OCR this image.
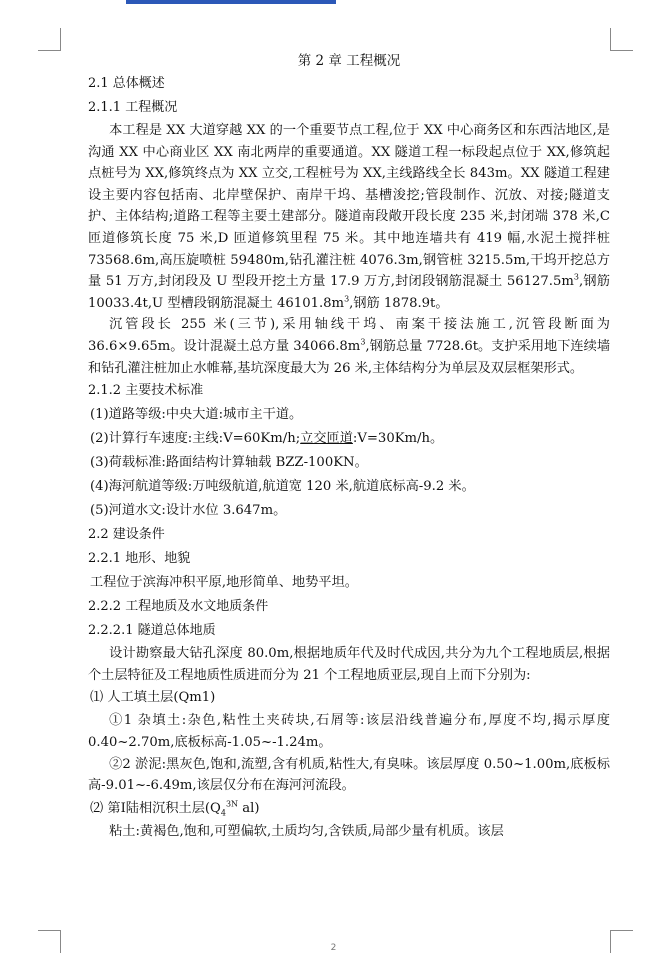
第 2 章 工程概况

2.1 总体概述

2.1.1 工程概况

本工程是 XX 大道穿越 XX 的一个重要节点工程,位于 XX 中心商务区和东西沽地区,是沟通 XX 中心商业区 XX 南北两岸的重要通道。XX 隧道工程一标段起点位于 XX,修筑起点桩号为 XX,修筑终点为 XX 立交,工程桩号为 XX,主线路线全长 843m。XX 隧道工程建设主要内容包括南、北岸壁保护、南岸干坞、基槽浚挖;管段制作、沉放、对接;隧道支护、主体结构;道路工程等主要土建部分。隧道南段敞开段长度 235 米,封闭端 378 米,C 匝道修筑长度 75 米,D 匝道修筑里程 75 米。其中地连墙共有 419 幅,水泥土搅拌桩 73568.6m,高压旋喷桩 59480m,钻孔灌注桩 4076.3m,钢管桩 3215.5m,干坞开挖总方量 51 万方,封闭段及 U 型段开挖土方量 17.9 万方,封闭段钢筋混凝土 $56127.5m^3$,钢筋 10033.4t,U 型槽段钢筋混凝土 $46101.8m^3$,钢筋 1878.9t。

沉管段长 255 米(三节),采用轴线干坞、南案干接法施工,沉管段断面为 36.6×9.65m。设计混凝土总方量 $34066.8m^3$,钢筋总量 7728.6t。支护采用地下连续墙和钻孔灌注桩加止水帷幕,基坑深度最大为 26 米,主体结构分为单层及双层框架形式。

2.1.2 主要技术标准

(1)道路等级:中央大道:城市主干道。

(2)计算行车速度:主线:V=60Km/h;立交匝道:V=30Km/h。

(3)荷载标准:路面结构计算轴载 BZZ-100KN。

(4)海河航道等级:万吨级航道,航道宽 120 米,航道底标高-9.2 米。

(5)河道水文:设计水位 3.647m。

2.2 建设条件

2.2.1 地形、地貌

工程位于滨海冲积平原,地形简单、地势平坦。

2.2.2 工程地质及水文地质条件

2.2.2.1 隧道总体地质

设计勘察最大钻孔深度 80.0m,根据地质年代及时代成因,共分为九个工程地质层,根据个土层特征及工程地质性质进而分为 21 个工程地质亚层,现自上而下分别为:

⑴ 人工填土层(Qm1)

①1 杂填土:杂色,粘性土夹砖块,石屑等:该层沿线普遍分布,厚度不均,揭示厚度 0.40~2.70m,底板标高-1.05~-1.24m。

②2 淤泥:黑灰色,饱和,流塑,含有机质,粘性大,有臭味。该层厚度 0.50~1.00m,底板标高-9.01~-6.49m,该层仅分布在海河河流段。

⑵ 第Ⅰ陆相沉积土层($Q_4^{3N}$ al)

粘土:黄褐色,饱和,可塑偏软,土质均匀,含铁质,局部少量有机质。该层

2
